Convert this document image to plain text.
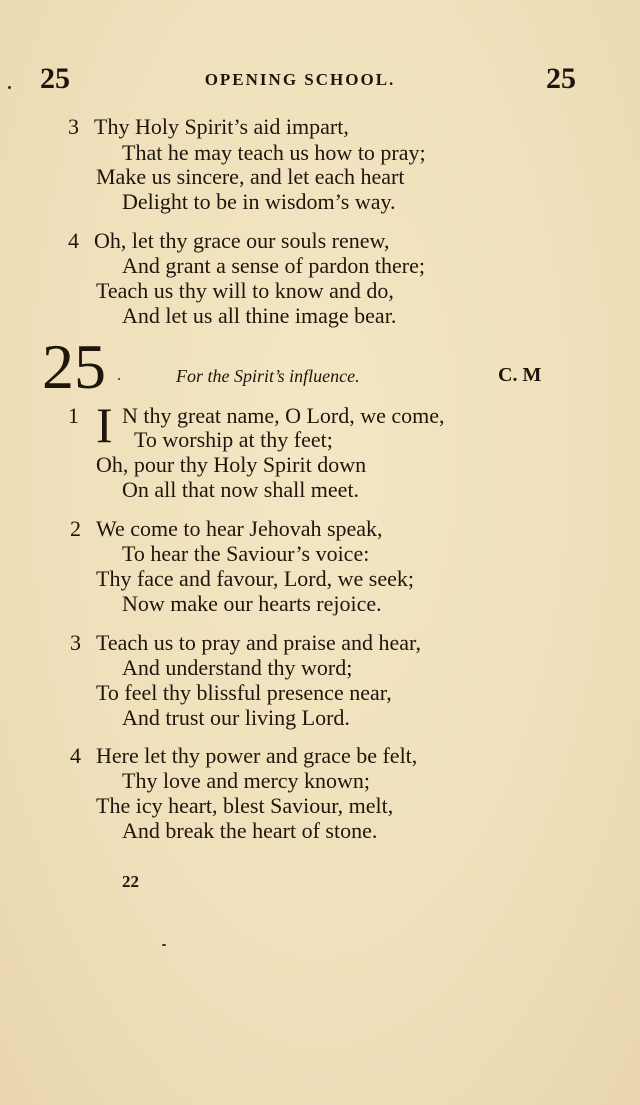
25	OPENING SCHOOL.	25
3 Thy Holy Spirit’s aid impart,
That he may teach us how to pray;
Make us sincere, and let each heart
Delight to be in wisdom’s way.
4 Oh, let thy grace our souls renew,
And grant a sense of pardon there;
Teach us thy will to know and do,
And let us all thine image bear.
25	For the Spirit’s influence.	C. M
1 I N thy great name, O Lord, we come,
To worship at thy feet;
Oh, pour thy Holy Spirit down
On all that now shall meet.
2 We come to hear Jehovah speak,
To hear the Saviour’s voice:
Thy face and favour, Lord, we seek;
Now make our hearts rejoice.
3 Teach us to pray and praise and hear,
And understand thy word;
To feel thy blissful presence near,
And trust our living Lord.
4 Here let thy power and grace be felt,
Thy love and mercy known;
The icy heart, blest Saviour, melt,
And break the heart of stone.
22
